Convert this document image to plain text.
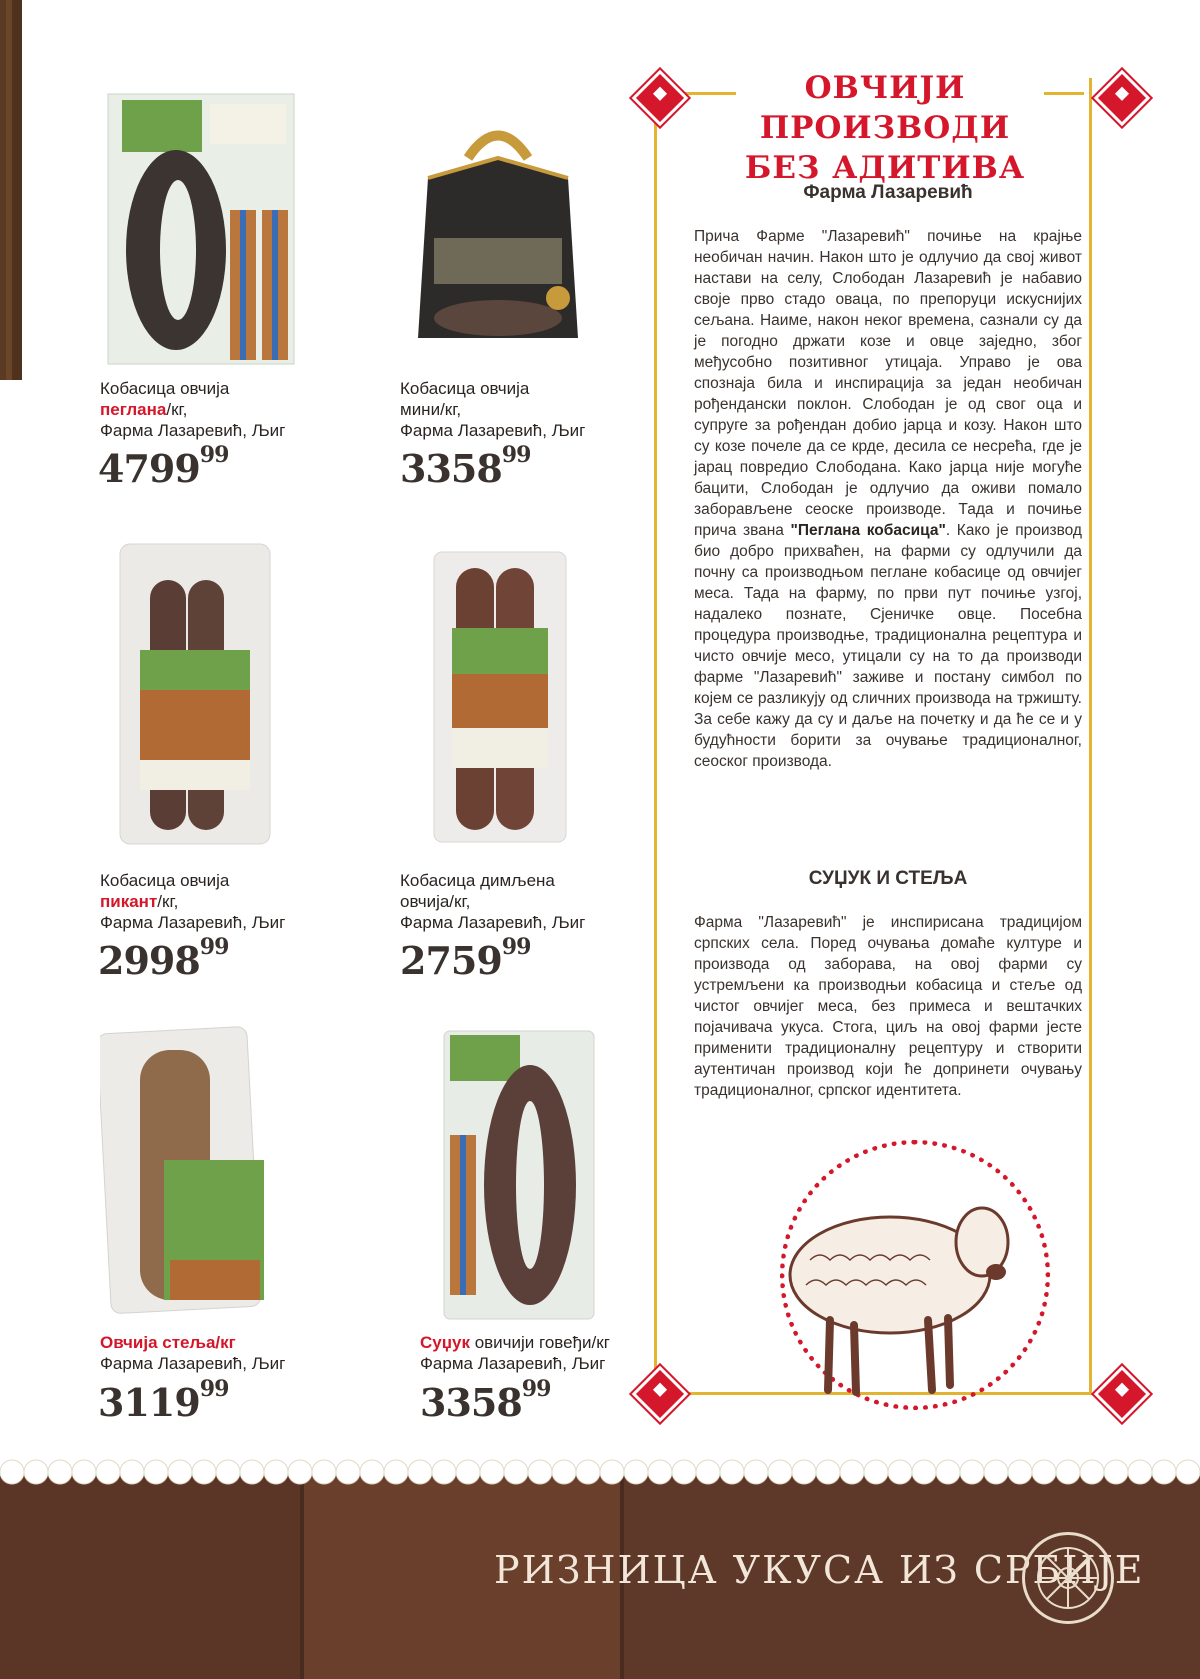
Кобасица овчија
пеглана/кг,
Фарма Лазаревић, Љиг
4799$^{99}$
Кобасица овчија
мини/кг,
Фарма Лазаревић, Љиг
3358$^{99}$
Кобасица овчија
пикант/кг,
Фарма Лазаревић, Љиг
2998$^{99}$
Кобасица димљена
овчија/кг,
Фарма Лазаревић, Љиг
2759$^{99}$
Овчија стеља/кг
Фарма Лазаревић, Љиг
3119$^{99}$
Суџук овичији говеђи/кг
Фарма Лазаревић, Љиг
3358$^{99}$
ОВЧИЈИ ПРОИЗВОДИ
БЕЗ АДИТИВА
Фарма Лазаревић
Прича Фарме "Лазаревић" почиње на крајње необичан начин. Након што је одлучио да свој живот настави на селу, Слободан Лазаревић је набавио своје прво стадо оваца, по препоруци искуснијих сељана. Наиме, након неког времена, сазнали су да је погодно држати козе и овце заједно, због међусобно позитивног утицаја. Управо је ова спознаја била и инспирација за један необичан рођендански поклон. Слободан је од свог оца и супруге за рођендан добио јарца и козу. Након што су козе почеле да се крде, десила се несрећа, где је јарац повредио Слободана. Како јарца није могуће бацити, Слободан је одлучио да оживи помало заборављене сеоске производе. Тада и почиње прича звана "Пеглана кобасица". Како је производ био добро прихваћен, на фарми су одлучили да почну са производњом пеглане кобасице од овчијег меса. Тада на фарму, по први пут почиње узгој, надалеко познате, Сјеничке овце. Посебна процедура производње, традиционална рецептура и чисто овчије месо, утицали су на то да производи фарме "Лазаревић" заживе и постану симбол по којем се разликују од сличних производа на тржишту. За себе кажу да су и даље на почетку и да ће се и у будућности борити за очување традиционалног, сеоског производа.
СУЏУК И СТЕЉА
Фарма "Лазаревић" је инспирисана традицијом српских села. Поред очувања домаће културе и производа од заборава, на овој фарми су устремљени ка производњи кобасица и стеље од чистог овчијег меса, без примеса и вештачких појачивача укуса. Стога, циљ на овој фарми јесте применити традиционалну рецептуру и створити аутентичан производ који ће допринети очувању традиционалног, српског идентитета.
РИЗНИЦА УКУСА ИЗ СРБИЈЕ
